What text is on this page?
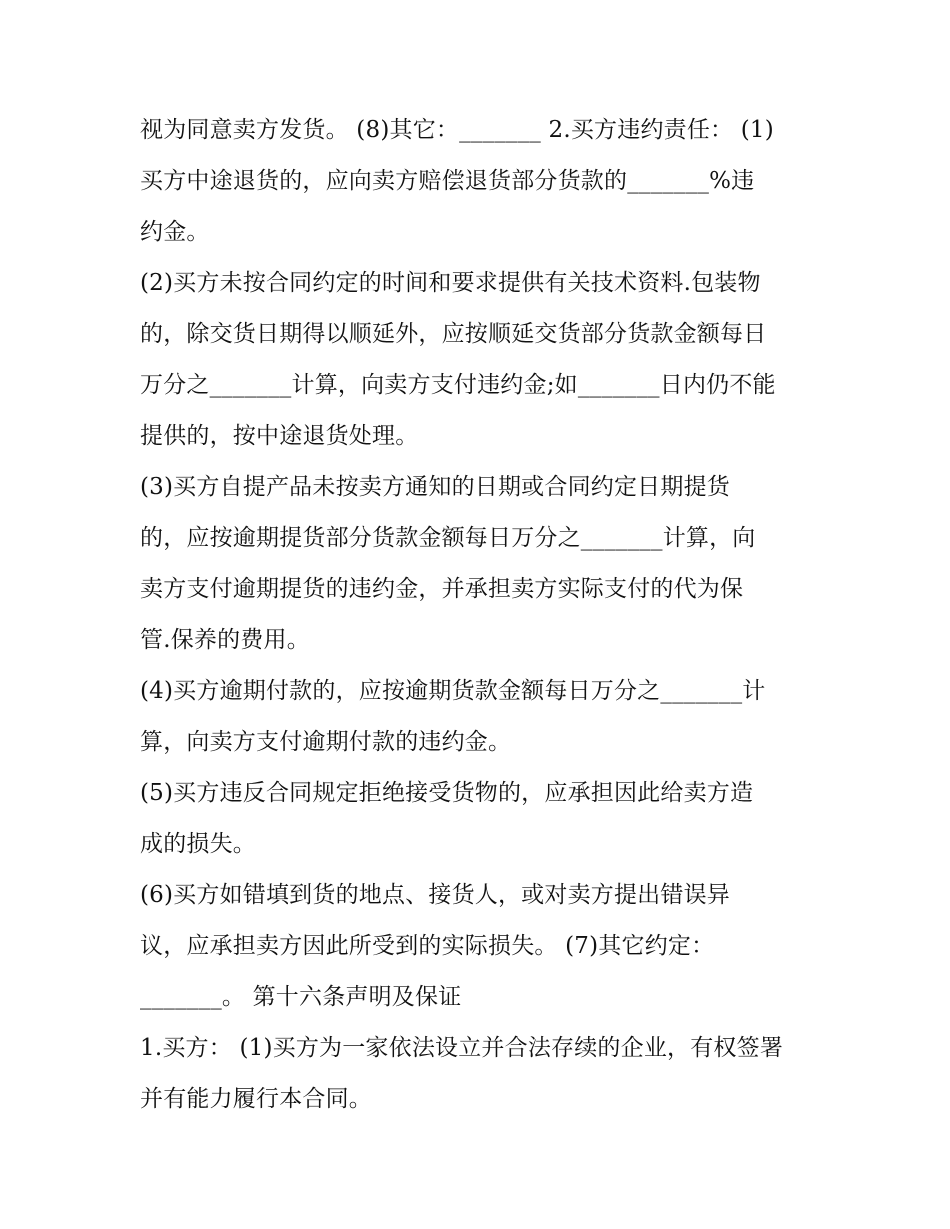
视为同意卖方发货。 (8)其它：_______ 2.买方违约责任： (1)
买方中途退货的，应向卖方赔偿退货部分货款的_______%违
约金。
(2)买方未按合同约定的时间和要求提供有关技术资料.包装物
的，除交货日期得以顺延外，应按顺延交货部分货款金额每日
万分之_______计算，向卖方支付违约金;如_______日内仍不能
提供的，按中途退货处理。
(3)买方自提产品未按卖方通知的日期或合同约定日期提货
的，应按逾期提货部分货款金额每日万分之_______计算，向
卖方支付逾期提货的违约金，并承担卖方实际支付的代为保
管.保养的费用。
(4)买方逾期付款的，应按逾期货款金额每日万分之_______计
算，向卖方支付逾期付款的违约金。
(5)买方违反合同规定拒绝接受货物的，应承担因此给卖方造
成的损失。
(6)买方如错填到货的地点、接货人，或对卖方提出错误异
议，应承担卖方因此所受到的实际损失。 (7)其它约定：
_______。 第十六条声明及保证
1.买方： (1)买方为一家依法设立并合法存续的企业，有权签署
并有能力履行本合同。
